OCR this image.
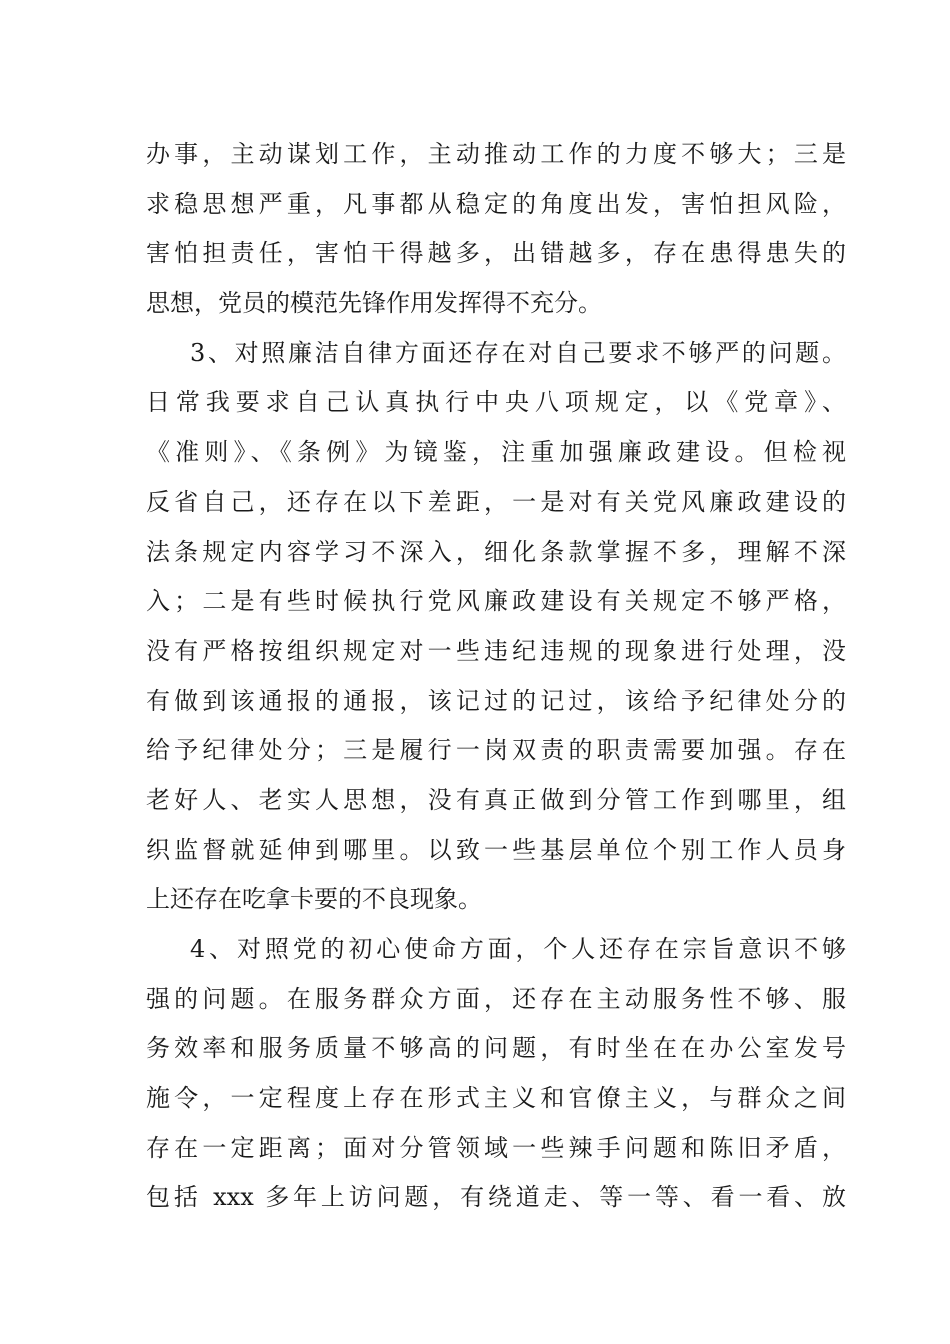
办事，主动谋划工作，主动推动工作的力度不够大；三是
求稳思想严重，凡事都从稳定的角度出发，害怕担风险，
害怕担责任，害怕干得越多，出错越多，存在患得患失的
思想，党员的模范先锋作用发挥得不充分。
3、对照廉洁自律方面还存在对自己要求不够严的问题。
日常我要求自己认真执行中央八项规定，以《党章》、
《准则》、《条例》为镜鉴，注重加强廉政建设。但检视
反省自己，还存在以下差距，一是对有关党风廉政建设的
法条规定内容学习不深入，细化条款掌握不多，理解不深
入；二是有些时候执行党风廉政建设有关规定不够严格，
没有严格按组织规定对一些违纪违规的现象进行处理，没
有做到该通报的通报，该记过的记过，该给予纪律处分的
给予纪律处分；三是履行一岗双责的职责需要加强。存在
老好人、老实人思想，没有真正做到分管工作到哪里，组
织监督就延伸到哪里。以致一些基层单位个别工作人员身
上还存在吃拿卡要的不良现象。
4、对照党的初心使命方面，个人还存在宗旨意识不够
强的问题。在服务群众方面，还存在主动服务性不够、服
务效率和服务质量不够高的问题，有时坐在在办公室发号
施令，一定程度上存在形式主义和官僚主义，与群众之间
存在一定距离；面对分管领域一些辣手问题和陈旧矛盾，
包括 xxx 多年上访问题，有绕道走、等一等、看一看、放
